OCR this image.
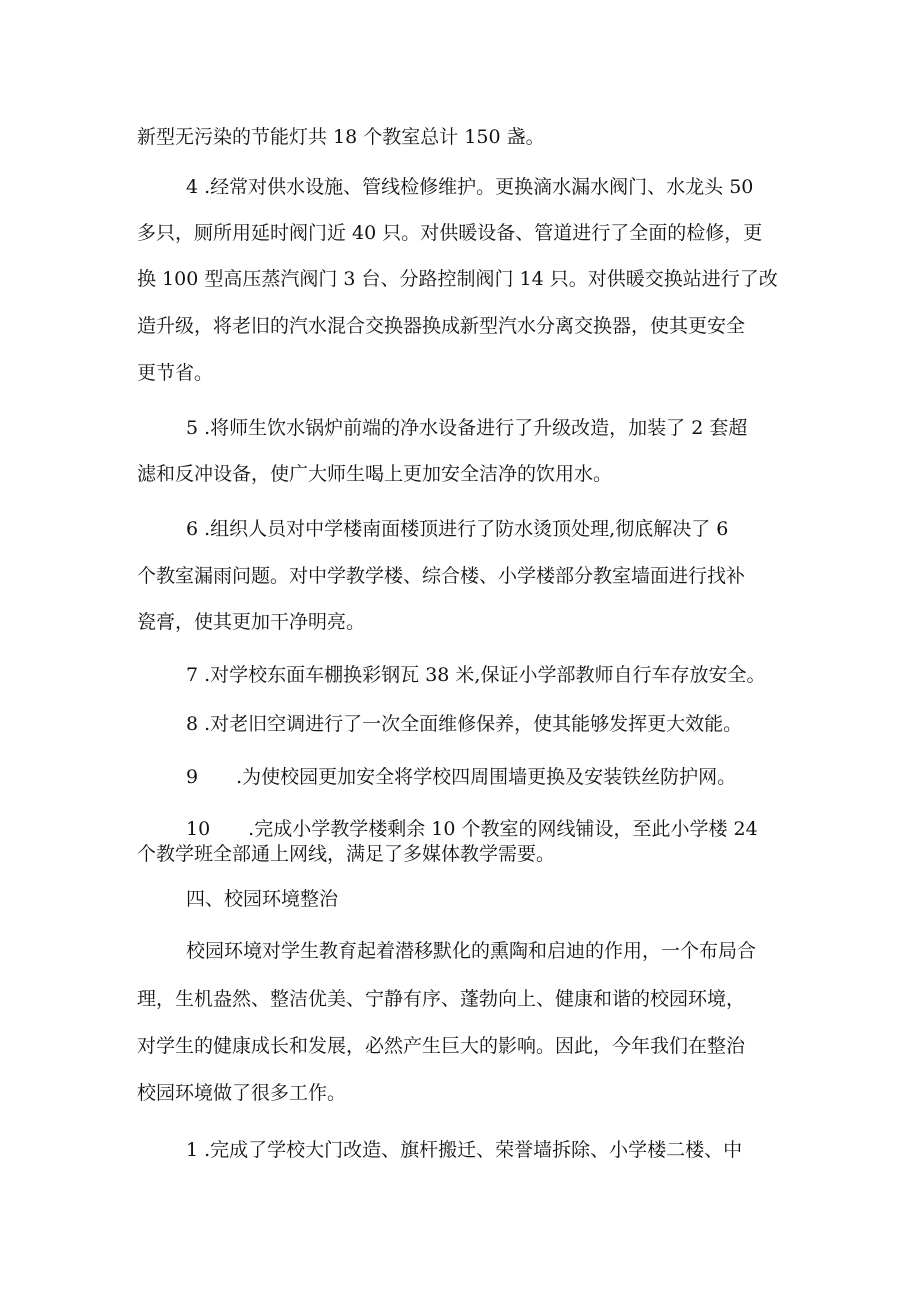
新型无污染的节能灯共 18 个教室总计 150 盏。

4 .经常对供水设施、管线检修维护。更换滴水漏水阀门、水龙头 50

多只，厕所用延时阀门近 40 只。对供暖设备、管道进行了全面的检修，更

换 100 型高压蒸汽阀门 3 台、分路控制阀门 14 只。对供暖交换站进行了改

造升级，将老旧的汽水混合交换器换成新型汽水分离交换器，使其更安全

更节省。

5 .将师生饮水锅炉前端的净水设备进行了升级改造，加装了 2 套超

滤和反冲设备，使广大师生喝上更加安全洁净的饮用水。

6 .组织人员对中学楼南面楼顶进行了防水烫顶处理,彻底解决了 6

个教室漏雨问题。对中学教学楼、综合楼、小学楼部分教室墙面进行找补

瓷膏，使其更加干净明亮。

7 .对学校东面车棚换彩钢瓦 38 米,保证小学部教师自行车存放安全。

8 .对老旧空调进行了一次全面维修保养，使其能够发挥更大效能。

9　　.为使校园更加安全将学校四周围墙更换及安装铁丝防护网。

10　　.完成小学教学楼剩余 10 个教室的网线铺设，至此小学楼 24

个教学班全部通上网线，满足了多媒体教学需要。

四、校园环境整治

校园环境对学生教育起着潜移默化的熏陶和启迪的作用，一个布局合

理，生机盎然、整洁优美、宁静有序、蓬勃向上、健康和谐的校园环境，

对学生的健康成长和发展，必然产生巨大的影响。因此，今年我们在整治

校园环境做了很多工作。

1 .完成了学校大门改造、旗杆搬迁、荣誉墙拆除、小学楼二楼、中
